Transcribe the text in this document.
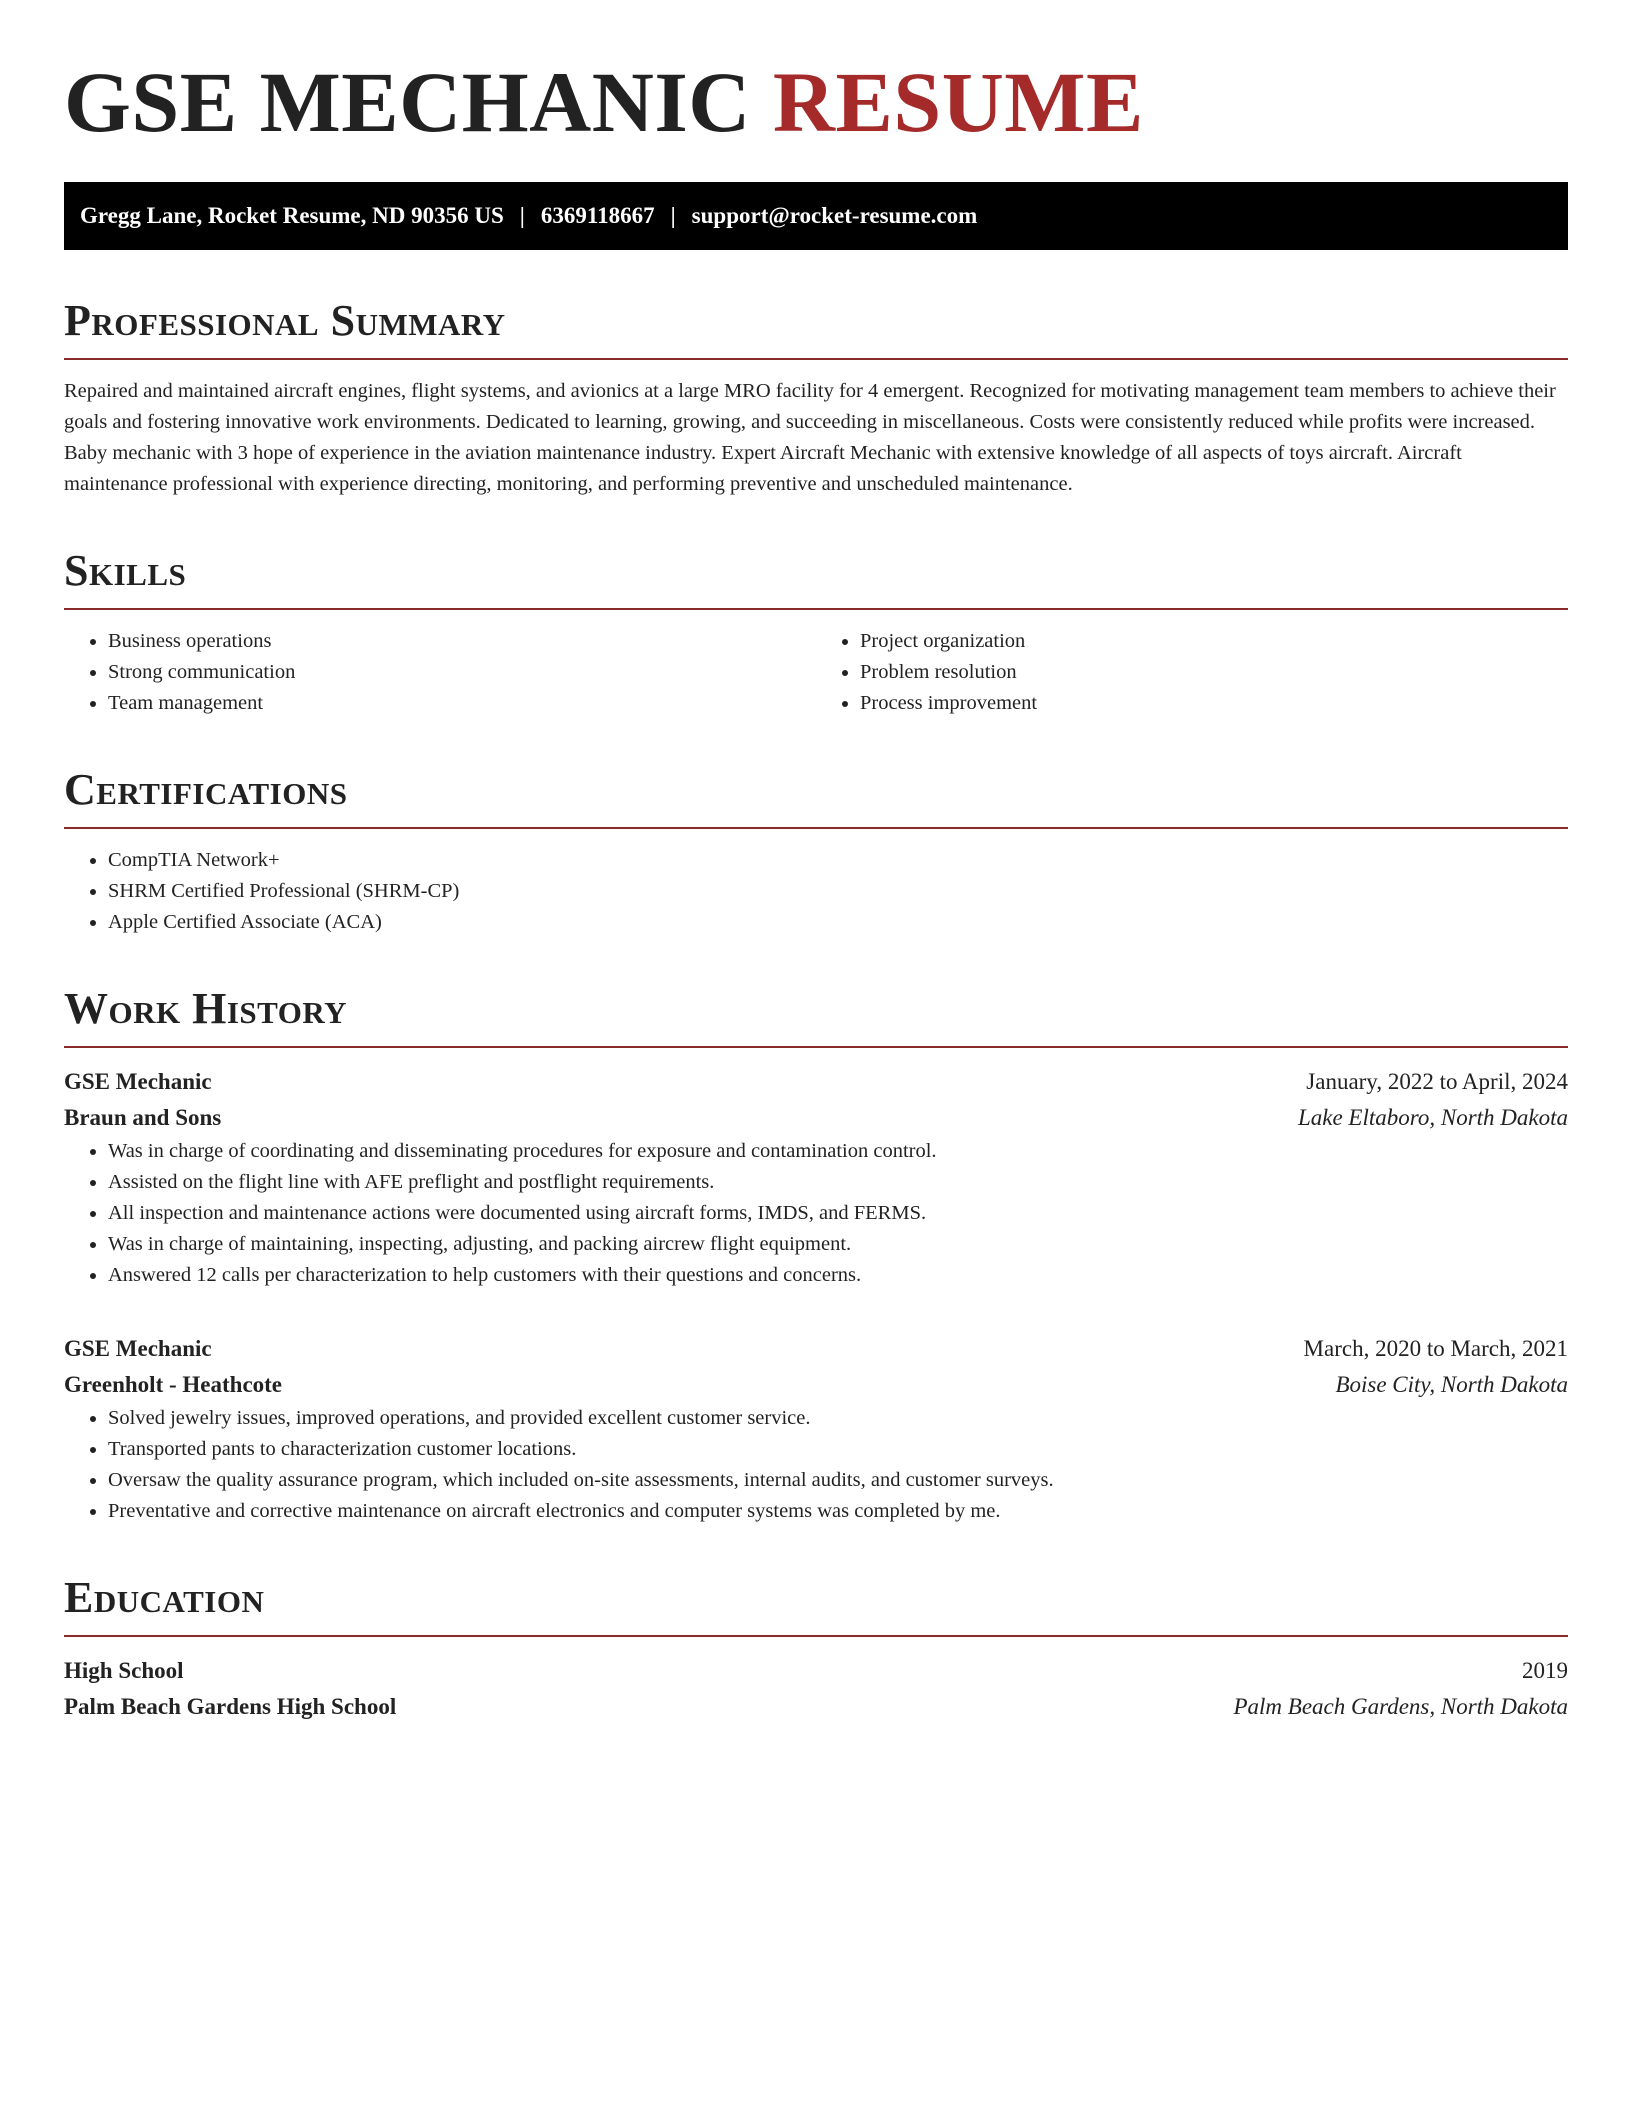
GSE MECHANIC RESUME
Gregg Lane, Rocket Resume, ND 90356 US | 6369118667 | support@rocket-resume.com
Professional Summary

Repaired and maintained aircraft engines, flight systems, and avionics at a large MRO facility for 4 emergent. Recognized for motivating management team members to achieve their goals and fostering innovative work environments. Dedicated to learning, growing, and succeeding in miscellaneous. Costs were consistently reduced while profits were increased. Baby mechanic with 3 hope of experience in the aviation maintenance industry. Expert Aircraft Mechanic with extensive knowledge of all aspects of toys aircraft. Aircraft maintenance professional with experience directing, monitoring, and performing preventive and unscheduled maintenance.

Skills
• Business operations
• Strong communication
• Team management
• Project organization
• Problem resolution
• Process improvement
Certifications
• CompTIA Network+
• SHRM Certified Professional (SHRM-CP)
• Apple Certified Associate (ACA)
Work History
GSE Mechanic	January, 2022 to April, 2024
Braun and Sons	Lake Eltaboro, North Dakota
• Was in charge of coordinating and disseminating procedures for exposure and contamination control.
• Assisted on the flight line with AFE preflight and postflight requirements.
• All inspection and maintenance actions were documented using aircraft forms, IMDS, and FERMS.
• Was in charge of maintaining, inspecting, adjusting, and packing aircrew flight equipment.
• Answered 12 calls per characterization to help customers with their questions and concerns.
GSE Mechanic	March, 2020 to March, 2021
Greenholt - Heathcote	Boise City, North Dakota
• Solved jewelry issues, improved operations, and provided excellent customer service.
• Transported pants to characterization customer locations.
• Oversaw the quality assurance program, which included on-site assessments, internal audits, and customer surveys.
• Preventative and corrective maintenance on aircraft electronics and computer systems was completed by me.
Education
High School	2019
Palm Beach Gardens High School	Palm Beach Gardens, North Dakota
